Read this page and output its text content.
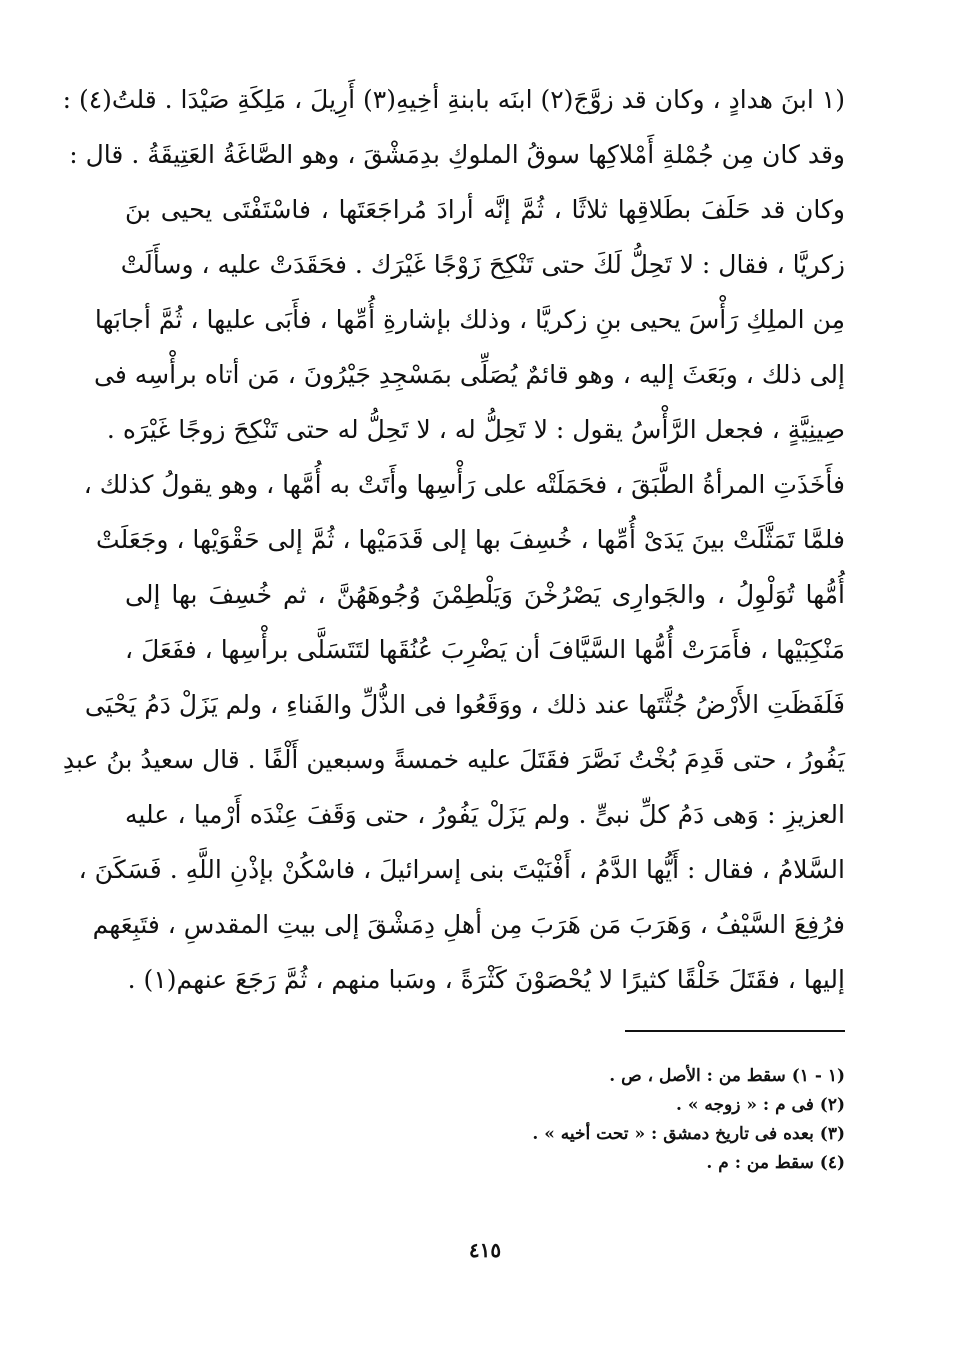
(١ ابنَ هدادٍ ، وكان قد زوَّجَ(٢) ابنَه بابنةِ أخِيهِ(٣) أَرِيلَ ، مَلِكَةِ صَيْدَا . قلتُ(٤) :
وقد كان مِن جُمْلةِ أَمْلاكِها سوقُ الملوكِ بدِمَشْقَ ، وهو الصَّاغَةُ العَتِيقَةُ . قال :
وكان قد حَلَفَ بطَلاقِها ثلاثًا ، ثُمَّ إنَّه أرادَ مُراجَعَتَها ، فاسْتَفْتَى يحيى بنَ
زكريَّا ، فقال : لا تَحِلُّ لَكَ حتى تَنْكِحَ زَوْجًا غَيْرَك . فحَقَدَتْ عليه ، وسأَلَتْ
مِن الملِكِ رَأْسَ يحيى بنِ زكريَّا ، وذلك بإشارةِ أُمِّها ، فأَبَى عليها ، ثُمَّ أجابَها
إلى ذلك ، وبَعَثَ إليه ، وهو قائمٌ يُصَلِّى بمَسْجِدِ جَيْرُونَ ، مَن أتاه برأْسِه فى
صِينِيَّةٍ ، فجعل الرَّأْسُ يقول : لا تَحِلُّ له ، لا تَحِلُّ له حتى تَنْكِحَ زوجًا غَيْرَه .
فأَخَذَتِ المرأةُ الطَّبَقَ ، فحَمَلَتْه على رَأْسِها وأَتَتْ به أُمَّها ، وهو يقولُ كذلك ،
فلمَّا تَمَثَّلَتْ بينَ يَدَىْ أُمِّها ، خُسِفَ بها إلى قَدَمَيْها ، ثُمَّ إلى حَقْوَيْها ، وجَعَلَتْ
أُمُّها تُوَلْوِلُ ، والجَوارِى يَصْرُخْنَ وَيَلْطِمْنَ وُجُوهَهُنَّ ، ثم خُسِفَ بها إلى
مَنْكِبَيْها ، فأَمَرَتْ أُمُّها السَّيَّافَ أن يَضْرِبَ عُنُقَها لتَتَسَلَّى برأْسِها ، ففَعَلَ ،
فَلَفَظَتِ الأَرْضُ جُثَّتَها عند ذلك ، ووَقَعُوا فى الذُّلِّ والفَناءِ ، ولم يَزَلْ دَمُ يَحْيَى
يَفُورُ ، حتى قَدِمَ بُخْتُ نَصَّرَ فقَتَلَ عليه خمسةً وسبعين أَلْفًا . قال سعيدُ بنُ عبدِ
العزيزِ : وَهى دَمُ كلِّ نبىٍّ . ولم يَزَلْ يَفُورُ ، حتى وَقَفَ عِنْدَه أَرْميا ، عليه
السَّلامُ ، فقال : أَيُّها الدَّمُ ، أَفْنَيْتَ بنى إسرائيلَ ، فاسْكُنْ بإذْنِ اللَّهِ . فَسَكَنَ ،
فرُفِعَ السَّيْفُ ، وَهَرَبَ مَن هَرَبَ مِن أهلِ دِمَشْقَ إلى بيتِ المقدسِ ، فتَبِعَهم
إليها ، فقَتَلَ خَلْقًا كثيرًا لا يُحْصَوْنَ كَثْرَةً ، وسَبا منهم ، ثُمَّ رَجَعَ عنهم(١) .
(١ - ١) سقط من : الأصل ، ص .
(٢) فى م : « زوجه » .
(٣) بعده فى تاريخ دمشق : « تحت أخيه » .
(٤) سقط من : م .
٤١٥
